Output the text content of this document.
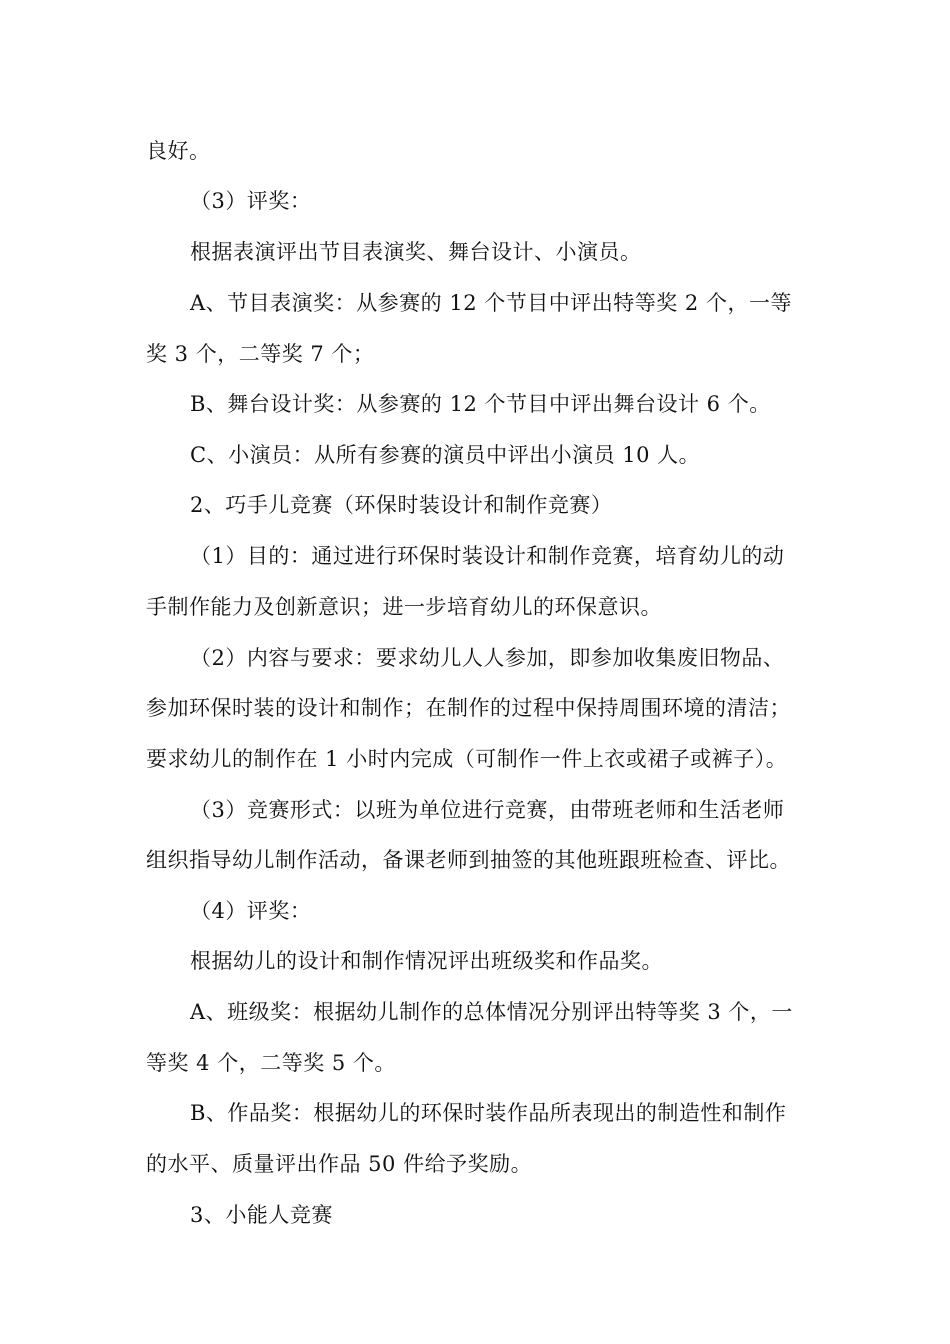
良好。
（3）评奖：
根据表演评出节目表演奖、舞台设计、小演员。
A、节目表演奖：从参赛的 12 个节目中评出特等奖 2 个，一等
奖 3 个，二等奖 7 个；
B、舞台设计奖：从参赛的 12 个节目中评出舞台设计 6 个。
C、小演员：从所有参赛的演员中评出小演员 10 人。
2、巧手儿竞赛（环保时装设计和制作竞赛）
（1）目的：通过进行环保时装设计和制作竞赛，培育幼儿的动
手制作能力及创新意识；进一步培育幼儿的环保意识。
（2）内容与要求：要求幼儿人人参加，即参加收集废旧物品、
参加环保时装的设计和制作；在制作的过程中保持周围环境的清洁；
要求幼儿的制作在 1 小时内完成（可制作一件上衣或裙子或裤子）。
（3）竞赛形式：以班为单位进行竞赛，由带班老师和生活老师
组织指导幼儿制作活动，备课老师到抽签的其他班跟班检查、评比。
（4）评奖：
根据幼儿的设计和制作情况评出班级奖和作品奖。
A、班级奖：根据幼儿制作的总体情况分别评出特等奖 3 个，一
等奖 4 个，二等奖 5 个。
B、作品奖：根据幼儿的环保时装作品所表现出的制造性和制作
的水平、质量评出作品 50 件给予奖励。
3、小能人竞赛
